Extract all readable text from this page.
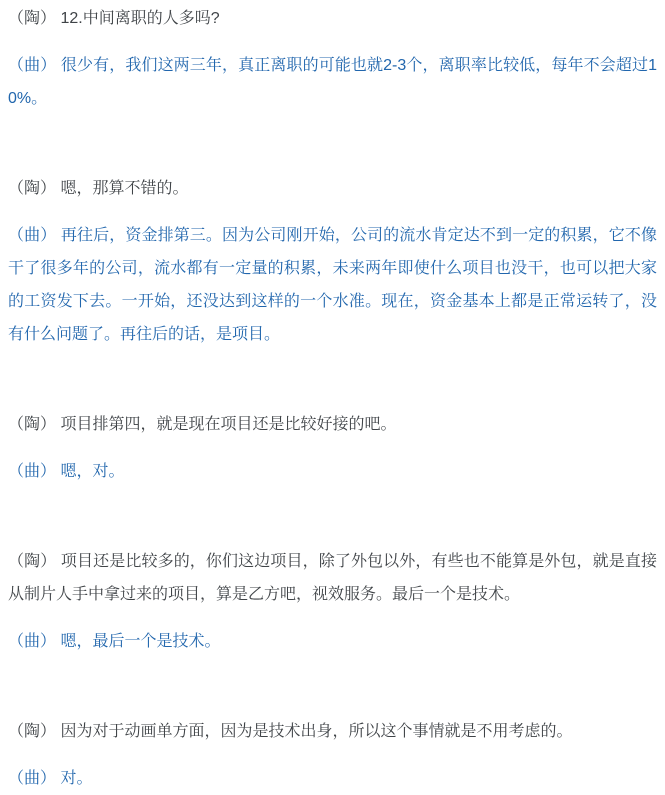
（陶） 12.中间离职的人多吗?

（曲） 很少有，我们这两三年，真正离职的可能也就2-3个，离职率比较低，每年不会超过10%。

（陶） 嗯，那算不错的。

（曲） 再往后，资金排第三。因为公司刚开始，公司的流水肯定达不到一定的积累，它不像干了很多年的公司，流水都有一定量的积累，未来两年即使什么项目也没干，也可以把大家的工资发下去。一开始，还没达到这样的一个水准。现在，资金基本上都是正常运转了，没有什么问题了。再往后的话，是项目。

（陶） 项目排第四，就是现在项目还是比较好接的吧。

（曲） 嗯，对。

（陶） 项目还是比较多的，你们这边项目，除了外包以外，有些也不能算是外包，就是直接从制片人手中拿过来的项目，算是乙方吧，视效服务。最后一个是技术。

（曲） 嗯，最后一个是技术。

（陶） 因为对于动画单方面，因为是技术出身，所以这个事情就是不用考虑的。

（曲） 对。
